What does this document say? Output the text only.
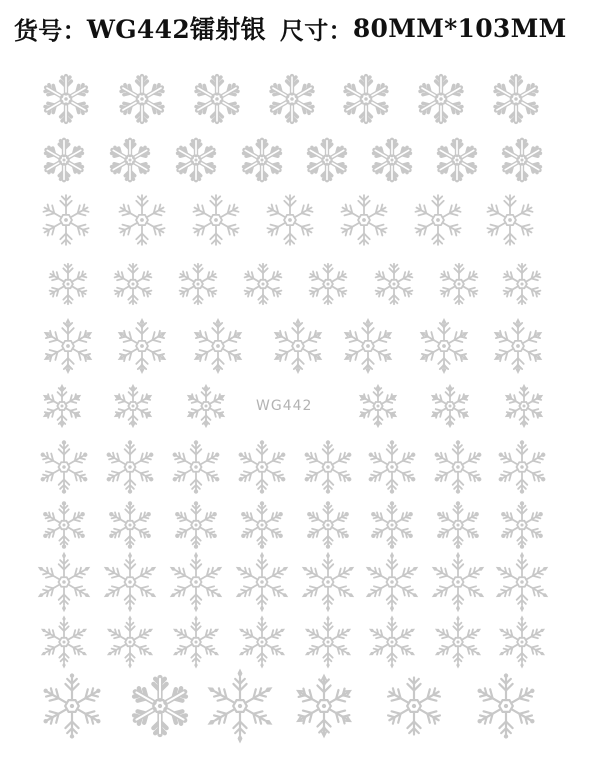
货号： WG442镭射银 尺寸： 80MM*103MM
WG442
